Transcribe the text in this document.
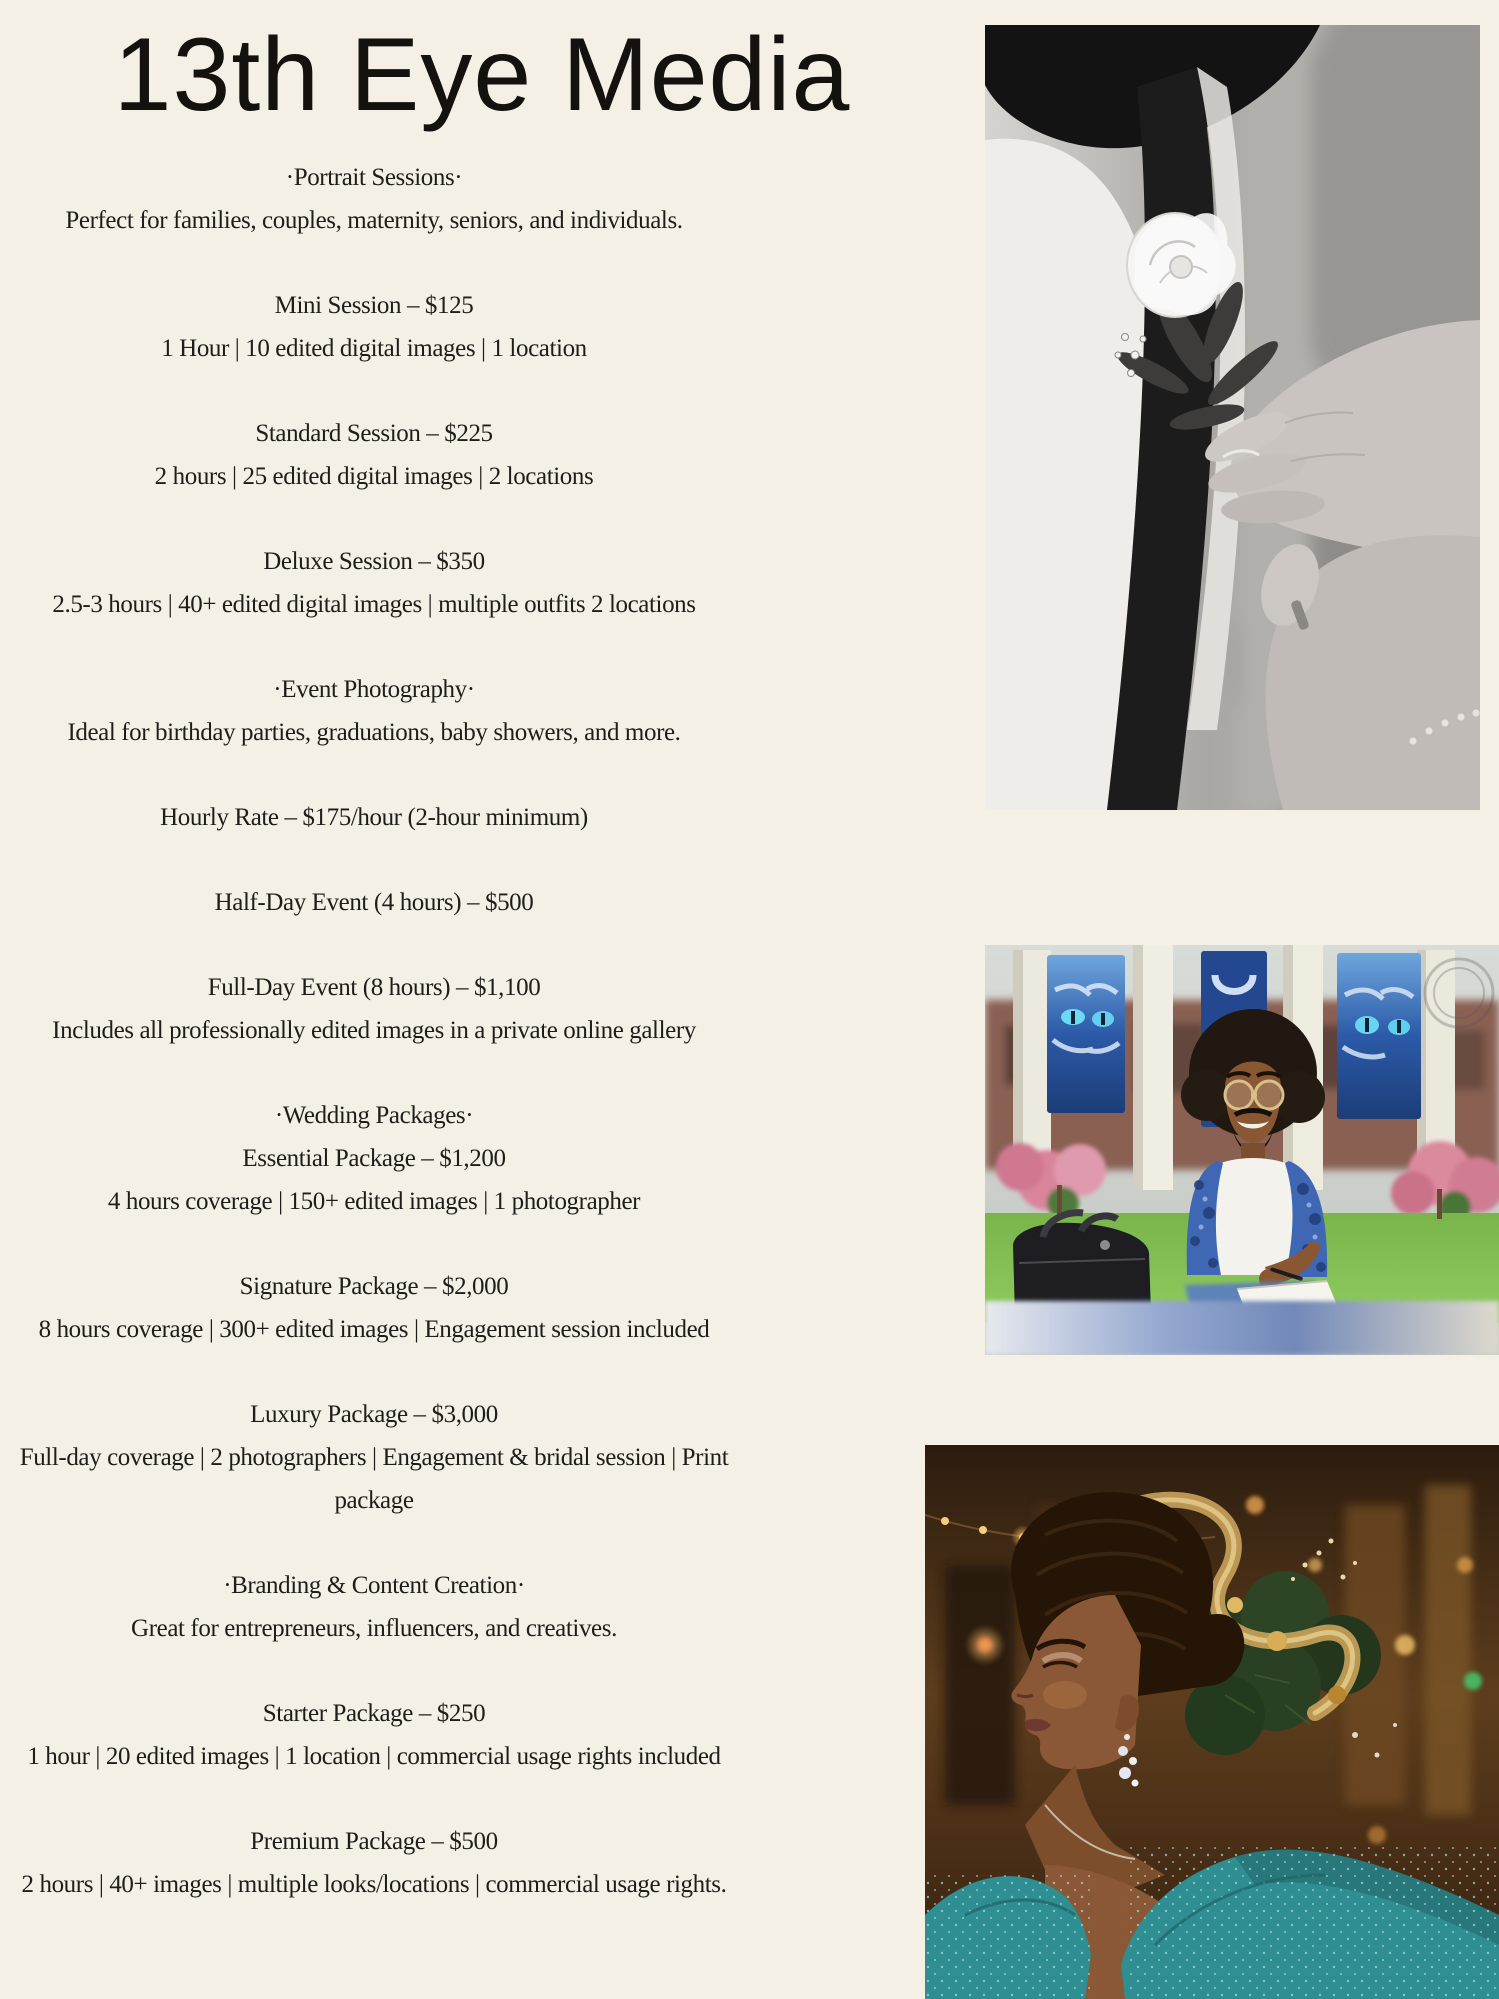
13th Eye Media

·Portrait Sessions·

Perfect for families, couples, maternity, seniors, and individuals.

Mini Session – $125

1 Hour | 10 edited digital images | 1 location

Standard Session – $225

2 hours | 25 edited digital images | 2 locations

Deluxe Session – $350

2.5-3 hours | 40+ edited digital images | multiple outfits 2 locations

·Event Photography·

Ideal for birthday parties, graduations, baby showers, and more.

Hourly Rate – $175/hour (2-hour minimum)

Half-Day Event (4 hours) – $500

Full-Day Event (8 hours) – $1,100

Includes all professionally edited images in a private online gallery

·Wedding Packages·

Essential Package – $1,200

4 hours coverage | 150+ edited images | 1 photographer

Signature Package – $2,000

8 hours coverage | 300+ edited images | Engagement session included

Luxury Package – $3,000

Full-day coverage | 2 photographers | Engagement & bridal session | Print

package

·Branding & Content Creation·

Great for entrepreneurs, influencers, and creatives.

Starter Package – $250

1 hour | 20 edited images | 1 location | commercial usage rights included

Premium Package – $500

2 hours | 40+ images | multiple looks/locations | commercial usage rights.
